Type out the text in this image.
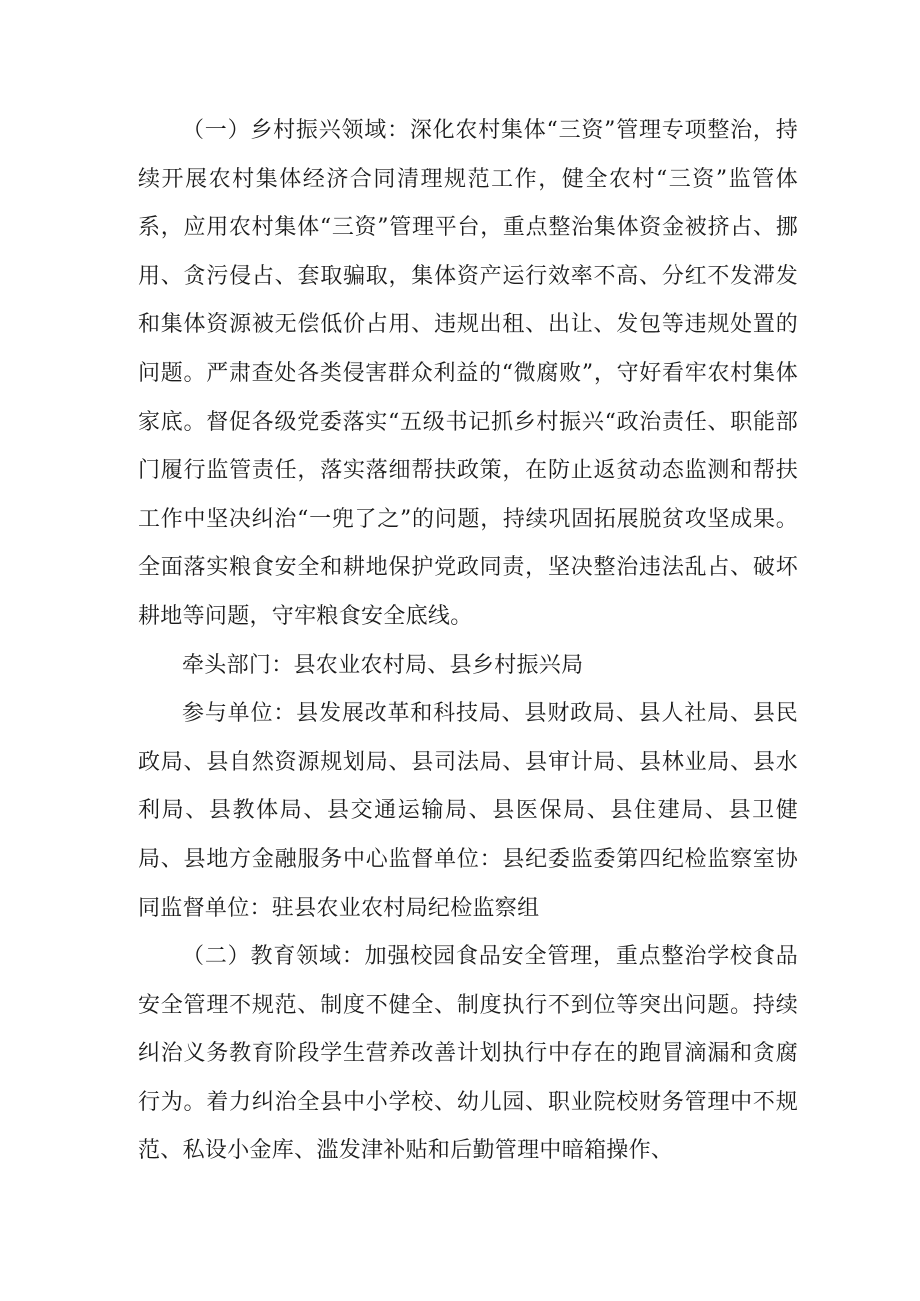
（一）乡村振兴领域：深化农村集体“三资”管理专项整治，持续开展农村集体经济合同清理规范工作，健全农村“三资”监管体系，应用农村集体“三资”管理平台，重点整治集体资金被挤占、挪用、贪污侵占、套取骗取，集体资产运行效率不高、分红不发滞发和集体资源被无偿低价占用、违规出租、出让、发包等违规处置的问题。严肃查处各类侵害群众利益的“微腐败”，守好看牢农村集体家底。督促各级党委落实“五级书记抓乡村振兴“政治责任、职能部门履行监管责任，落实落细帮扶政策，在防止返贫动态监测和帮扶工作中坚决纠治“一兜了之”的问题，持续巩固拓展脱贫攻坚成果。全面落实粮食安全和耕地保护党政同责，坚决整治违法乱占、破坏耕地等问题，守牢粮食安全底线。

牵头部门：县农业农村局、县乡村振兴局

参与单位：县发展改革和科技局、县财政局、县人社局、县民政局、县自然资源规划局、县司法局、县审计局、县林业局、县水利局、县教体局、县交通运输局、县医保局、县住建局、县卫健局、县地方金融服务中心监督单位：县纪委监委第四纪检监察室协同监督单位：驻县农业农村局纪检监察组

（二）教育领域：加强校园食品安全管理，重点整治学校食品安全管理不规范、制度不健全、制度执行不到位等突出问题。持续纠治义务教育阶段学生营养改善计划执行中存在的跑冒滴漏和贪腐行为。着力纠治全县中小学校、幼儿园、职业院校财务管理中不规范、私设小金库、滥发津补贴和后勤管理中暗箱操作、
